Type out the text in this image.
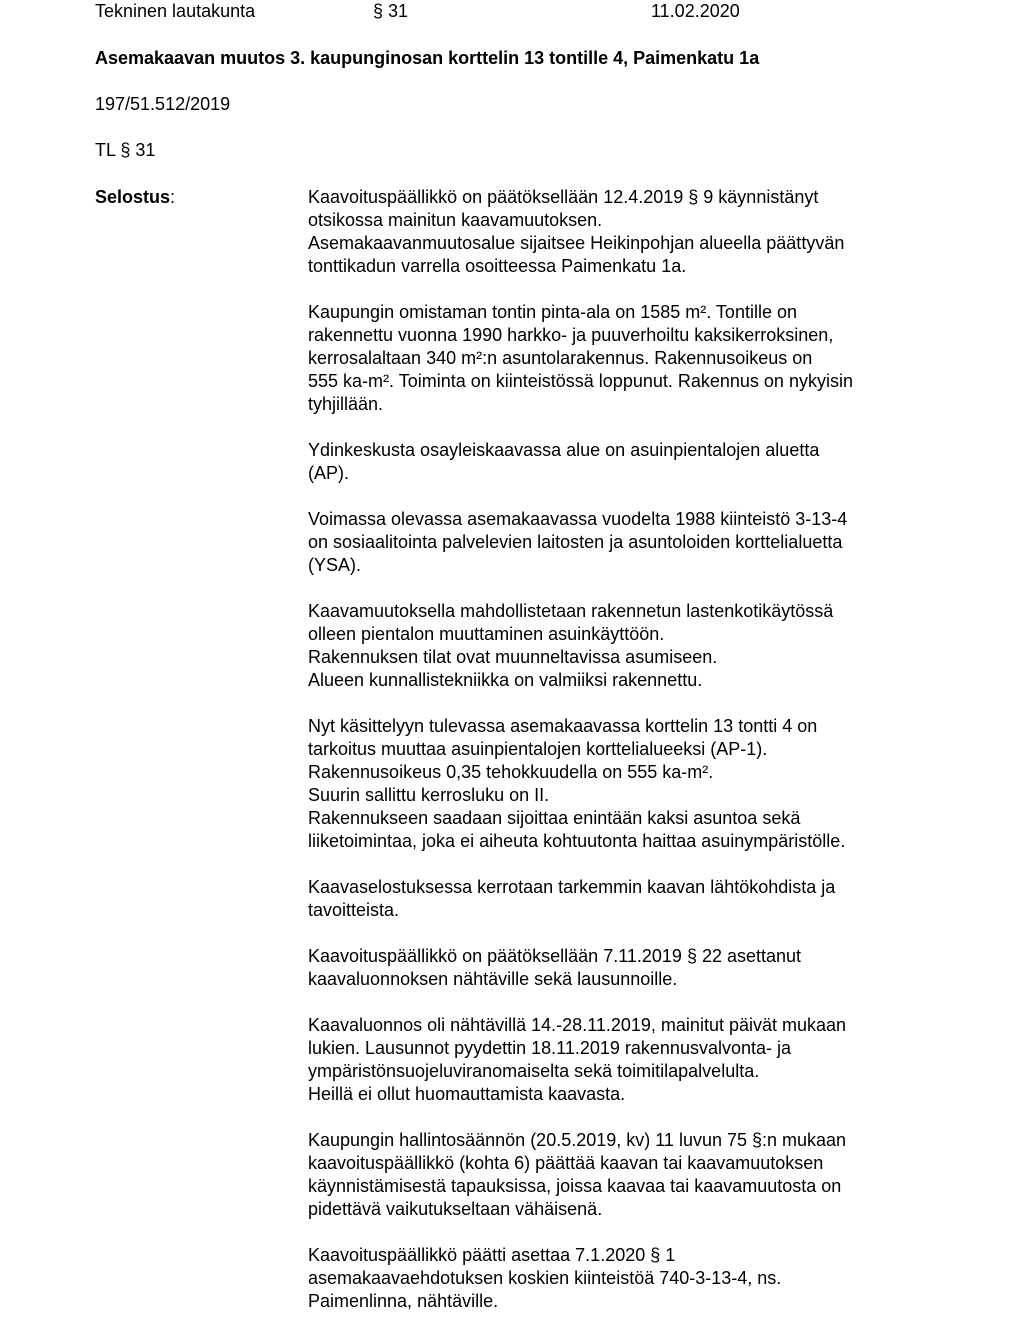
Tekninen lautakunta	§ 31	11.02.2020
Asemakaavan muutos 3. kaupunginosan korttelin 13 tontille 4, Paimenkatu 1a
197/51.512/2019
TL § 31
Selostus:	Kaavoituspäällikkö on päätöksellään 12.4.2019 § 9 käynnistänyt
otsikossa mainitun kaavamuutoksen.
Asemakaavanmuutosalue sijaitsee Heikinpohjan alueella päättyvän
tonttikadun varrella osoitteessa Paimenkatu 1a.
Kaupungin omistaman tontin pinta-ala on 1585 m². Tontille on
rakennettu vuonna 1990 harkko- ja puuverhoiltu kaksikerroksinen,
kerrosalaltaan 340 m²:n asuntolarakennus. Rakennusoikeus on
555 ka-m². Toiminta on kiinteistössä loppunut. Rakennus on nykyisin
tyhjillään.
Ydinkeskusta osayleiskaavassa alue on asuinpientalojen aluetta
(AP).
Voimassa olevassa asemakaavassa vuodelta 1988 kiinteistö 3-13-4
on sosiaalitointa palvelevien laitosten ja asuntoloiden korttelialuetta
(YSA).
Kaavamuutoksella mahdollistetaan rakennetun lastenkotikäytössä
olleen pientalon muuttaminen asuinkäyttöön.
Rakennuksen tilat ovat muunneltavissa asumiseen.
Alueen kunnallistekniikka on valmiiksi rakennettu.
Nyt käsittelyyn tulevassa asemakaavassa korttelin 13 tontti 4 on
tarkoitus muuttaa asuinpientalojen korttelialueeksi (AP-1).
Rakennusoikeus 0,35 tehokkuudella on 555 ka-m².
Suurin sallittu kerrosluku on II.
Rakennukseen saadaan sijoittaa enintään kaksi asuntoa sekä
liiketoimintaa, joka ei aiheuta kohtuutonta haittaa asuinympäristölle.
Kaavaselostuksessa kerrotaan tarkemmin kaavan lähtökohdista ja
tavoitteista.
Kaavoituspäällikkö on päätöksellään 7.11.2019 § 22 asettanut
kaavaluonnoksen nähtäville sekä lausunnoille.
Kaavaluonnos oli nähtävillä 14.-28.11.2019, mainitut päivät mukaan
lukien. Lausunnot pyydettin 18.11.2019 rakennusvalvonta- ja
ympäristönsuojeluviranomaiselta sekä toimitilapalvelulta.
Heillä ei ollut huomauttamista kaavasta.
Kaupungin hallintosäännön (20.5.2019, kv) 11 luvun 75 §:n mukaan
kaavoituspäällikkö (kohta 6) päättää kaavan tai kaavamuutoksen
käynnistämisestä tapauksissa, joissa kaavaa tai kaavamuutosta on
pidettävä vaikutukseltaan vähäisenä.
Kaavoituspäällikkö päätti asettaa 7.1.2020 § 1
asemakaavaehdotuksen koskien kiinteistöä 740-3-13-4, ns.
Paimenlinna, nähtäville.
